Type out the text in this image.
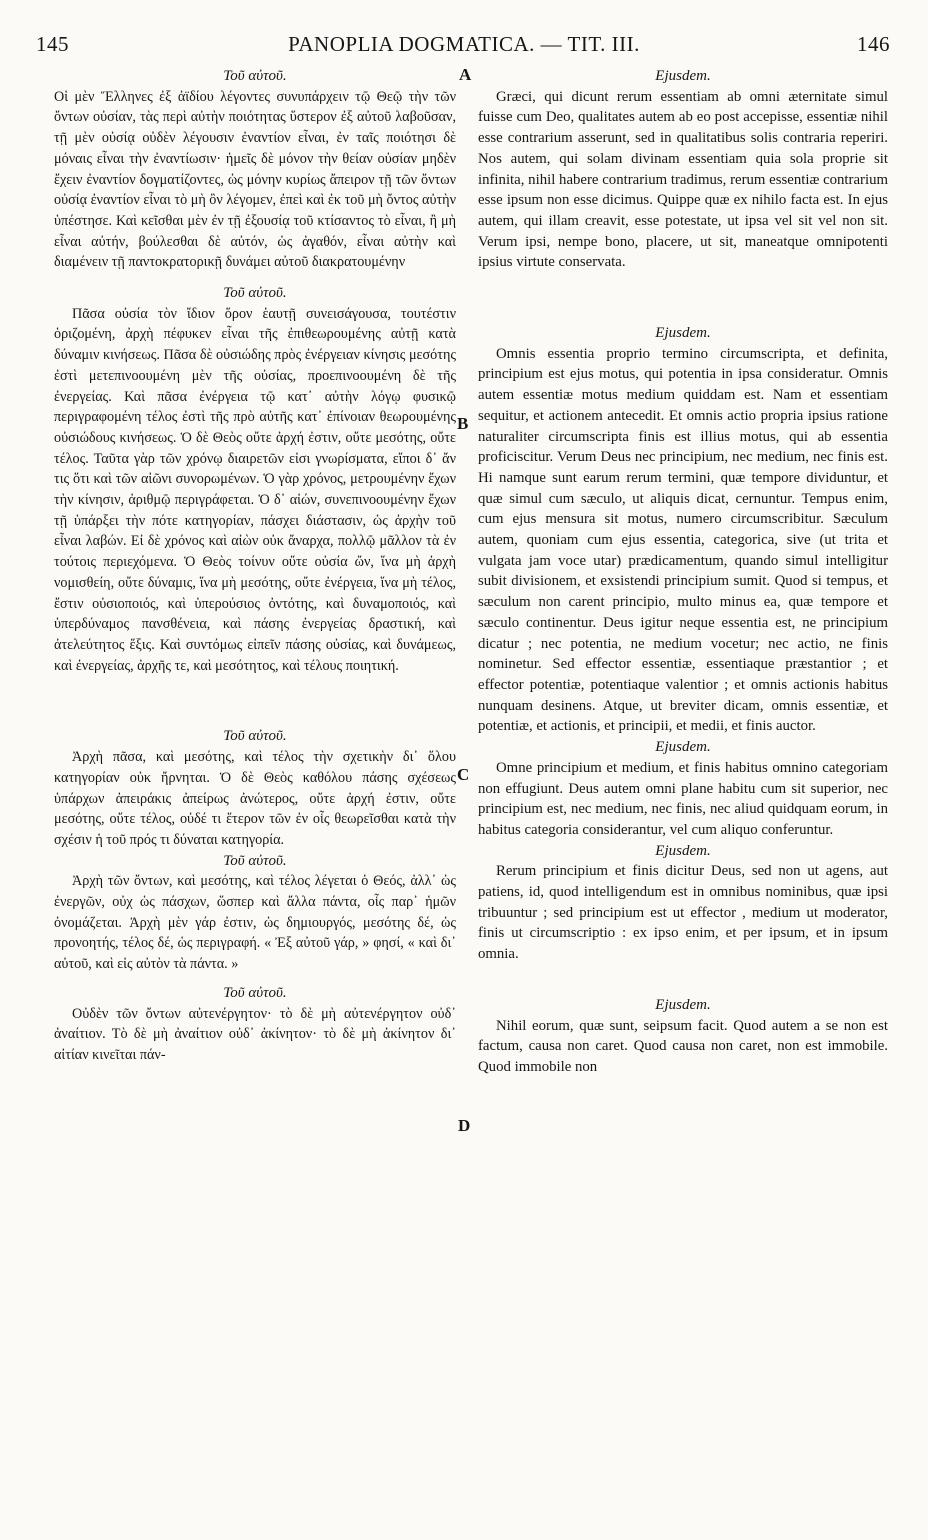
145	PANOPLIA DOGMATICA. — TIT. III.	146

Τοῦ αὐτοῦ.

Οἱ μὲν Ἕλληνες ἐξ ἀϊδίου λέγοντες συνυπάρχειν τῷ Θεῷ τὴν τῶν ὄντων οὐσίαν, τὰς περὶ αὐτὴν ποιότητας ὕστερον ἐξ αὐτοῦ λαβοῦσαν, τῇ μὲν οὐσίᾳ οὐδὲν λέγουσιν ἐναντίον εἶναι, ἐν ταῖς ποιότησι δὲ μόναις εἶναι τὴν ἐναντίωσιν· ἡμεῖς δὲ μόνον τὴν θείαν οὐσίαν μηδὲν ἔχειν ἐναντίον δογματίζοντες, ὡς μόνην κυρίως ἄπειρον τῇ τῶν ὄντων οὐσίᾳ ἐναντίον εἶναι τὸ μὴ ὂν λέγομεν, ἐπεὶ καὶ ἐκ τοῦ μὴ ὄντος αὐτὴν ὑπέστησε. Καὶ κεῖσθαι μὲν ἐν τῇ ἐξουσίᾳ τοῦ κτίσαντος τὸ εἶναι, ἢ μὴ εἶναι αὐτήν, βούλεσθαι δὲ αὐτόν, ὡς ἀγαθόν, εἶναι αὐτὴν καὶ διαμένειν τῇ παντοκρατορικῇ δυνάμει αὐτοῦ διακρατουμένην

Τοῦ αὐτοῦ.

Πᾶσα οὐσία τὸν ἴδιον ὅρον ἑαυτῇ συνεισάγουσα, τουτέστιν ὁριζομένη, ἀρχὴ πέφυκεν εἶναι τῆς ἐπιθεωρουμένης αὐτῇ κατὰ δύναμιν κινήσεως. Πᾶσα δὲ οὐσιώδης πρὸς ἐνέργειαν κίνησις μεσότης ἐστὶ μετεπινοουμένη μὲν τῆς οὐσίας, προεπινοουμένη δὲ τῆς ἐνεργείας. Καὶ πᾶσα ἐνέργεια τῷ κατ᾽ αὐτὴν λόγῳ φυσικῷ περιγραφομένη τέλος ἐστὶ τῆς πρὸ αὐτῆς κατ᾽ ἐπίνοιαν θεωρουμένης οὐσιώδους κινήσεως. Ὁ δὲ Θεὸς οὔτε ἀρχή ἐστιν, οὔτε μεσότης, οὔτε τέλος. Ταῦτα γὰρ τῶν χρόνῳ διαιρετῶν εἰσι γνωρίσματα, εἴποι δ᾽ ἄν τις ὅτι καὶ τῶν αἰῶνι συνορωμένων. Ὁ γὰρ χρόνος, μετρουμένην ἔχων τὴν κίνησιν, ἀριθμῷ περιγράφεται. Ὁ δ᾽ αἰών, συνεπινοουμένην ἔχων τῇ ὑπάρξει τὴν πότε κατηγορίαν, πάσχει διάστασιν, ὡς ἀρχὴν τοῦ εἶναι λαβών. Εἰ δὲ χρόνος καὶ αἰὼν οὐκ ἄναρχα, πολλῷ μᾶλλον τὰ ἐν τούτοις περιεχόμενα. Ὁ Θεὸς τοίνυν οὔτε οὐσία ὤν, ἵνα μὴ ἀρχὴ νομισθείη, οὔτε δύναμις, ἵνα μὴ μεσότης, οὔτε ἐνέργεια, ἵνα μὴ τέλος, ἔστιν οὐσιοποιός, καὶ ὑπερούσιος ὀντότης, καὶ δυναμοποιός, καὶ ὑπερδύναμος πανσθένεια, καὶ πάσης ἐνεργείας δραστική, καὶ ἀτελεύτητος ἕξις. Καὶ συντόμως εἰπεῖν πάσης οὐσίας, καὶ δυνάμεως, καὶ ἐνεργείας, ἀρχῆς τε, καὶ μεσότητος, καὶ τέλους ποιητική.

Τοῦ αὐτοῦ.

Ἀρχὴ πᾶσα, καὶ μεσότης, καὶ τέλος τὴν σχετικὴν δι᾽ ὅλου κατηγορίαν οὐκ ἤρνηται. Ὁ δὲ Θεὸς καθόλου πάσης σχέσεως ὑπάρχων ἀπειράκις ἀπείρως ἀνώτερος, οὔτε ἀρχή ἐστιν, οὔτε μεσότης, οὔτε τέλος, οὐδέ τι ἕτερον τῶν ἐν οἷς θεωρεῖσθαι κατὰ τὴν σχέσιν ἡ τοῦ πρός τι δύναται κατηγορία.

Τοῦ αὐτοῦ.

Ἀρχὴ τῶν ὄντων, καὶ μεσότης, καὶ τέλος λέγεται ὁ Θεός, ἀλλ᾽ ὡς ἐνεργῶν, οὐχ ὡς πάσχων, ὥσπερ καὶ ἄλλα πάντα, οἷς παρ᾽ ἡμῶν ὀνομάζεται. Ἀρχὴ μὲν γάρ ἐστιν, ὡς δημιουργός, μεσότης δέ, ὡς προνοητής, τέλος δέ, ὡς περιγραφή. « Ἐξ αὐτοῦ γάρ, » φησί, « καὶ δι᾽ αὐτοῦ, καὶ εἰς αὐτὸν τὰ πάντα. »

Τοῦ αὐτοῦ.

Οὐδὲν τῶν ὄντων αὐτενέργητον· τὸ δὲ μὴ αὐτενέργητον οὐδ᾽ ἀναίτιον. Τὸ δὲ μὴ ἀναίτιον οὐδ᾽ ἀκίνητον· τὸ δὲ μὴ ἀκίνητον δι᾽ αἰτίαν κινεῖται πάν-

A
B
C
D

Ejusdem.

Græci, qui dicunt rerum essentiam ab omni æternitate simul fuisse cum Deo, qualitates autem ab eo post accepisse, essentiæ nihil esse contrarium asserunt, sed in qualitatibus solis contraria reperiri. Nos autem, qui solam divinam essentiam quia sola proprie sit infinita, nihil habere contrarium tradimus, rerum essentiæ contrarium esse ipsum non esse dicimus. Quippe quæ ex nihilo facta est. In ejus autem, qui illam creavit, esse potestate, ut ipsa vel sit vel non sit. Verum ipsi, nempe bono, placere, ut sit, maneatque omnipotenti ipsius virtute conservata.

Ejusdem.

Omnis essentia proprio termino circumscripta, et definita, principium est ejus motus, qui potentia in ipsa consideratur. Omnis autem essentiæ motus medium quiddam est. Nam et essentiam sequitur, et actionem antecedit. Et omnis actio propria ipsius ratione naturaliter circumscripta finis est illius motus, qui ab essentia proficiscitur. Verum Deus nec principium, nec medium, nec finis est. Hi namque sunt earum rerum termini, quæ tempore dividuntur, et quæ simul cum sæculo, ut aliquis dicat, cernuntur. Tempus enim, cum ejus mensura sit motus, numero circumscribitur. Sæculum autem, quoniam cum ejus essentia, categorica, sive (ut trita et vulgata jam voce utar) prædicamentum, quando simul intelligitur subit divisionem, et exsistendi principium sumit. Quod si tempus, et sæculum non carent principio, multo minus ea, quæ tempore et sæculo continentur. Deus igitur neque essentia est, ne principium dicatur ; nec potentia, ne medium vocetur; nec actio, ne finis nominetur. Sed effector essentiæ, essentiaque præstantior ; et effector potentiæ, potentiaque valentior ; et omnis actionis habitus nunquam desinens. Atque, ut breviter dicam, omnis essentiæ, et potentiæ, et actionis, et principii, et medii, et finis auctor.

Ejusdem.

Omne principium et medium, et finis habitus omnino categoriam non effugiunt. Deus autem omni plane habitu cum sit superior, nec principium est, nec medium, nec finis, nec aliud quidquam eorum, in habitus categoria considerantur, vel cum aliquo conferuntur.

Ejusdem.

Rerum principium et finis dicitur Deus, sed non ut agens, aut patiens, id, quod intelligendum est in omnibus nominibus, quæ ipsi tribuuntur ; sed principium est ut effector , medium ut moderator, finis ut circumscriptio : ex ipso enim, et per ipsum, et in ipsum omnia.

Ejusdem.

Nihil eorum, quæ sunt, seipsum facit. Quod autem a se non est factum, causa non caret. Quod causa non caret, non est immobile. Quod immobile non
